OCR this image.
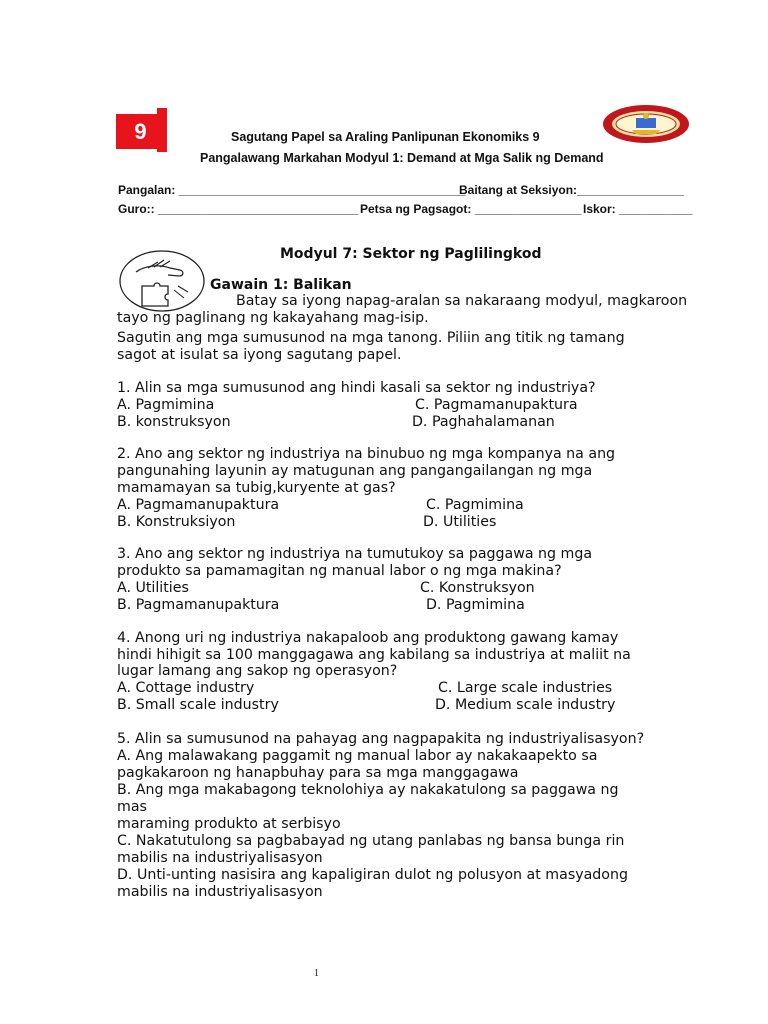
9	Sagutang Papel sa Araling Panlipunan Ekonomiks 9
Pangalawang Markahan Modyul 1: Demand at Mga Salik ng Demand
Pangalan: ___________________________________________
Baitang at Seksiyon:________________
Guro:: ______________________________ Petsa ng Pagsagot: ________________ Iskor: ___________
Modyul 7: Sektor ng Paglilingkod
Gawain 1: Balikan
Batay sa iyong napag-aralan sa nakaraang modyul, magkaroon
tayo ng paglinang ng kakayahang mag-isip.
Sagutin ang mga sumusunod na mga tanong. Piliin ang titik ng tamang
sagot at isulat sa iyong sagutang papel.
1. Alin sa mga sumusunod ang hindi kasali sa sektor ng industriya?
A. Pagmimina	C. Pagmamanupaktura
B. konstruksyon	D. Paghahalamanan
2. Ano ang sektor ng industriya na binubuo ng mga kompanya na ang
pangunahing layunin ay matugunan ang pangangailangan ng mga
mamamayan sa tubig,kuryente at gas?
A. Pagmamanupaktura	C. Pagmimina
B. Konstruksiyon	D. Utilities
3. Ano ang sektor ng industriya na tumutukoy sa paggawa ng mga
produkto sa pamamagitan ng manual labor o ng mga makina?
A. Utilities	C. Konstruksyon
B. Pagmamanupaktura	D. Pagmimina
4. Anong uri ng industriya nakapaloob ang produktong gawang kamay
hindi hihigit sa 100 manggagawa ang kabilang sa industriya at maliit na
lugar lamang ang sakop ng operasyon?
A. Cottage industry	C. Large scale industries
B. Small scale industry	D. Medium scale industry
5. Alin sa sumusunod na pahayag ang nagpapakita ng industriyalisasyon?
A. Ang malawakang paggamit ng manual labor ay nakakaapekto sa
pagkakaroon ng hanapbuhay para sa mga manggagawa
B. Ang mga makabagong teknolohiya ay nakakatulong sa paggawa ng
mas
maraming produkto at serbisyo
C. Nakatutulong sa pagbabayad ng utang panlabas ng bansa bunga rin
mabilis na industriyalisasyon
D. Unti-unting nasisira ang kapaligiran dulot ng polusyon at masyadong
mabilis na industriyalisasyon
1
